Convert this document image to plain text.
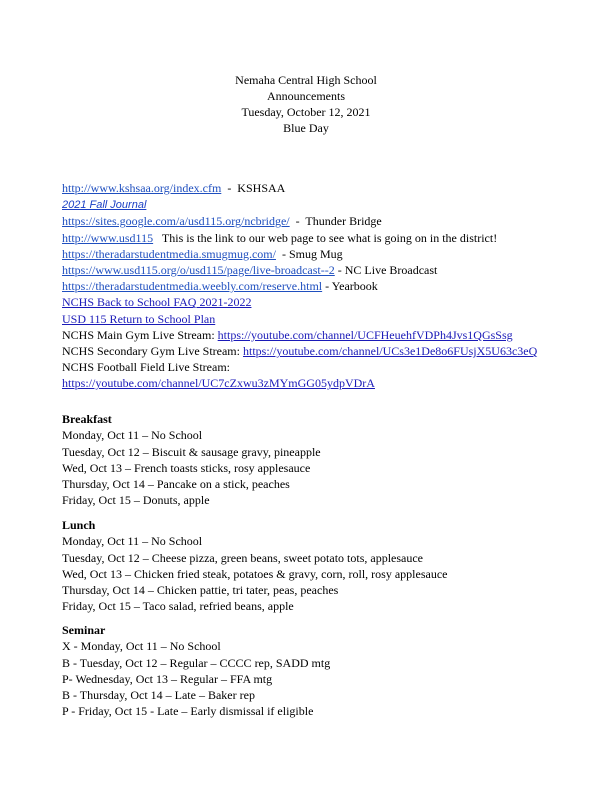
Nemaha Central High School
Announcements
Tuesday, October 12, 2021
Blue Day
http://www.kshsaa.org/index.cfm  -  KSHSAA
2021 Fall Journal
https://sites.google.com/a/usd115.org/ncbridge/  -  Thunder Bridge
http://www.usd115   This is the link to our web page to see what is going on in the district!
https://theradarstudentmedia.smugmug.com/  - Smug Mug
https://www.usd115.org/o/usd115/page/live-broadcast--2 - NC Live Broadcast
https://theradarstudentmedia.weebly.com/reserve.html - Yearbook
NCHS Back to School FAQ 2021-2022
USD 115 Return to School Plan
NCHS Main Gym Live Stream: https://youtube.com/channel/UCFHeuehfVDPh4Jvs1QGsSsg
NCHS Secondary Gym Live Stream: https://youtube.com/channel/UCs3e1De8o6FUsjX5U63c3eQ
NCHS Football Field Live Stream:
https://youtube.com/channel/UC7cZxwu3zMYmGG05ydpVDrA
Breakfast
Monday, Oct 11 – No School
Tuesday, Oct 12 – Biscuit & sausage gravy, pineapple
Wed, Oct 13 – French toasts sticks, rosy applesauce
Thursday, Oct 14 – Pancake on a stick, peaches
Friday, Oct 15 – Donuts, apple
Lunch
Monday, Oct 11 – No School
Tuesday, Oct 12 – Cheese pizza, green beans, sweet potato tots, applesauce
Wed, Oct 13 – Chicken fried steak, potatoes & gravy, corn, roll, rosy applesauce
Thursday, Oct 14 – Chicken pattie, tri tater, peas, peaches
Friday, Oct 15 – Taco salad, refried beans, apple
Seminar
X - Monday, Oct 11 – No School
B - Tuesday, Oct 12 – Regular – CCCC rep, SADD mtg
P- Wednesday, Oct 13 – Regular – FFA mtg
B - Thursday, Oct 14 – Late – Baker rep
P - Friday, Oct 15 - Late – Early dismissal if eligible
